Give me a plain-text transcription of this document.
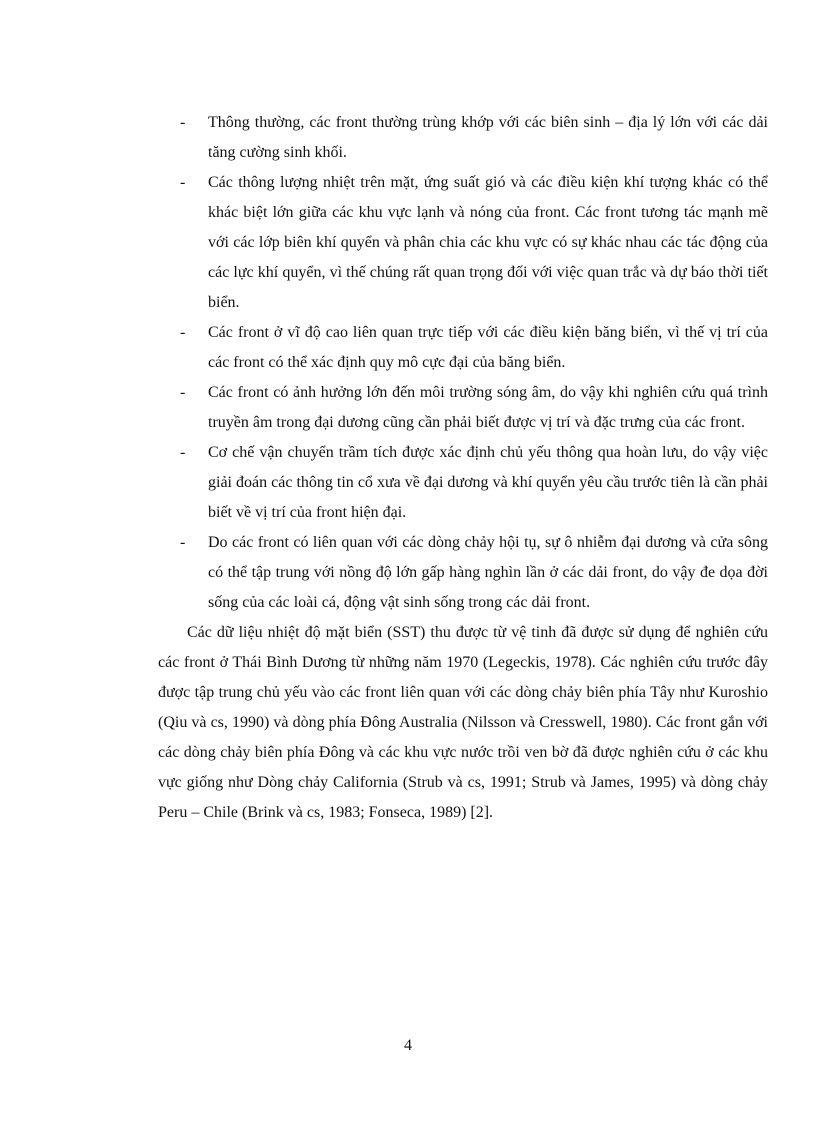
- Thông thường, các front thường trùng khớp với các biên sinh – địa lý lớn với các dải tăng cường sinh khối.
- Các thông lượng nhiệt trên mặt, ứng suất gió và các điều kiện khí tượng khác có thể khác biệt lớn giữa các khu vực lạnh và nóng của front. Các front tương tác mạnh mẽ với các lớp biên khí quyển và phân chia các khu vực có sự khác nhau các tác động của các lực khí quyển, vì thế chúng rất quan trọng đối với việc quan trắc và dự báo thời tiết biển.
- Các front ở vĩ độ cao liên quan trực tiếp với các điều kiện băng biển, vì thế vị trí của các front có thể xác định quy mô cực đại của băng biển.
- Các front có ảnh hưởng lớn đến môi trường sóng âm, do vậy khi nghiên cứu quá trình truyền âm trong đại dương cũng cần phải biết được vị trí và đặc trưng của các front.
- Cơ chế vận chuyển trầm tích được xác định chủ yếu thông qua hoàn lưu, do vậy việc giải đoán các thông tin cổ xưa về đại dương và khí quyển yêu cầu trước tiên là cần phải biết về vị trí của front hiện đại.
- Do các front có liên quan với các dòng chảy hội tụ, sự ô nhiễm đại dương và cửa sông có thể tập trung với nồng độ lớn gấp hàng nghìn lần ở các dải front, do vậy đe dọa đời sống của các loài cá, động vật sinh sống trong các dải front.

Các dữ liệu nhiệt độ mặt biển (SST) thu được từ vệ tinh đã được sử dụng để nghiên cứu các front ở Thái Bình Dương từ những năm 1970 (Legeckis, 1978). Các nghiên cứu trước đây được tập trung chủ yếu vào các front liên quan với các dòng chảy biên phía Tây như Kuroshio (Qiu và cs, 1990) và dòng phía Đông Australia (Nilsson và Cresswell, 1980). Các front gắn với các dòng chảy biên phía Đông và các khu vực nước trồi ven bờ đã được nghiên cứu ở các khu vực giống như Dòng chảy California (Strub và cs, 1991; Strub và James, 1995) và dòng chảy Peru – Chile (Brink và cs, 1983; Fonseca, 1989) [2].

4
